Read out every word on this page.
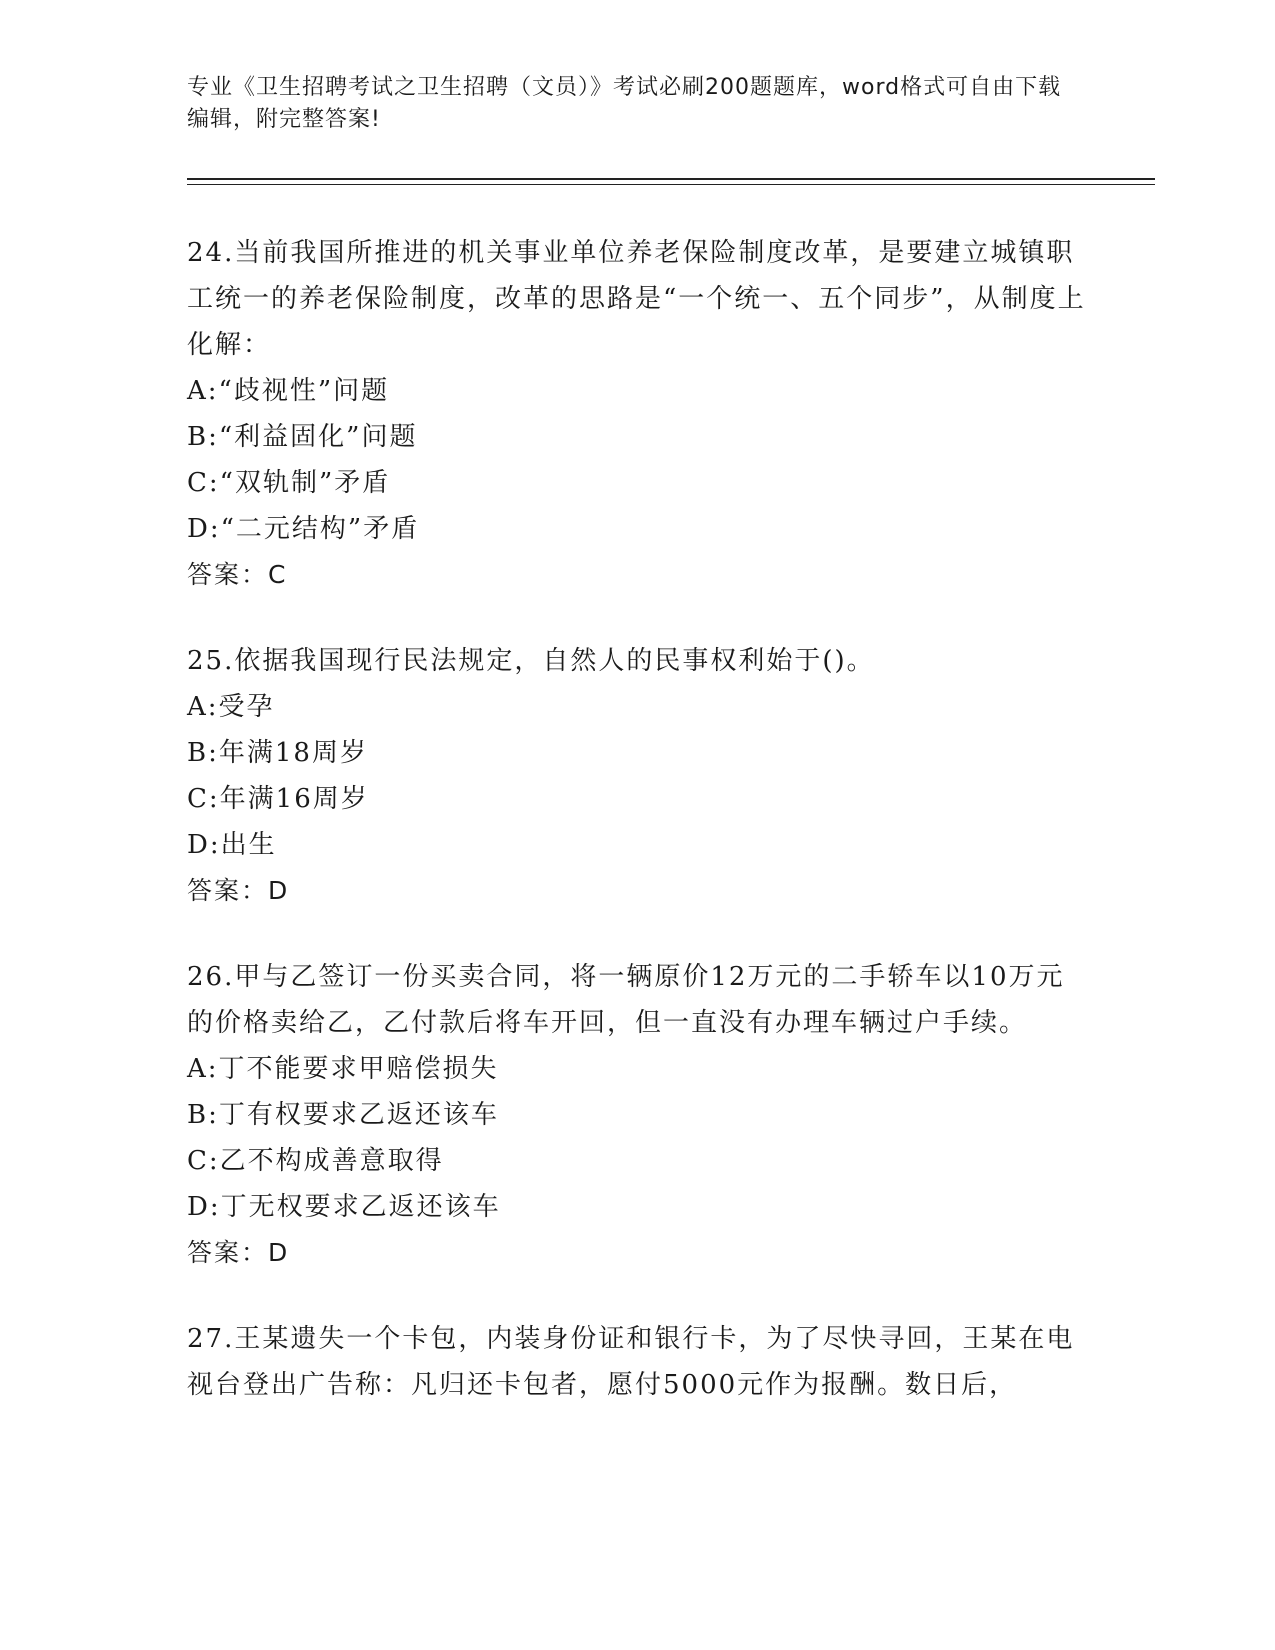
专业《卫生招聘考试之卫生招聘（文员）》考试必刷200题题库，word格式可自由下载编辑，附完整答案!
24.当前我国所推进的机关事业单位养老保险制度改革，是要建立城镇职工统一的养老保险制度，改革的思路是“一个统一、五个同步”，从制度上化解：
A:“歧视性”问题
B:“利益固化”问题
C:“双轨制”矛盾
D:“二元结构”矛盾
答案：C
25.依据我国现行民法规定，自然人的民事权利始于()。
A:受孕
B:年满18周岁
C:年满16周岁
D:出生
答案：D
26.甲与乙签订一份买卖合同，将一辆原价12万元的二手轿车以10万元的价格卖给乙，乙付款后将车开回，但一直没有办理车辆过户手续。
A:丁不能要求甲赔偿损失
B:丁有权要求乙返还该车
C:乙不构成善意取得
D:丁无权要求乙返还该车
答案：D
27.王某遗失一个卡包，内装身份证和银行卡，为了尽快寻回，王某在电视台登出广告称：凡归还卡包者，愿付5000元作为报酬。数日后，
